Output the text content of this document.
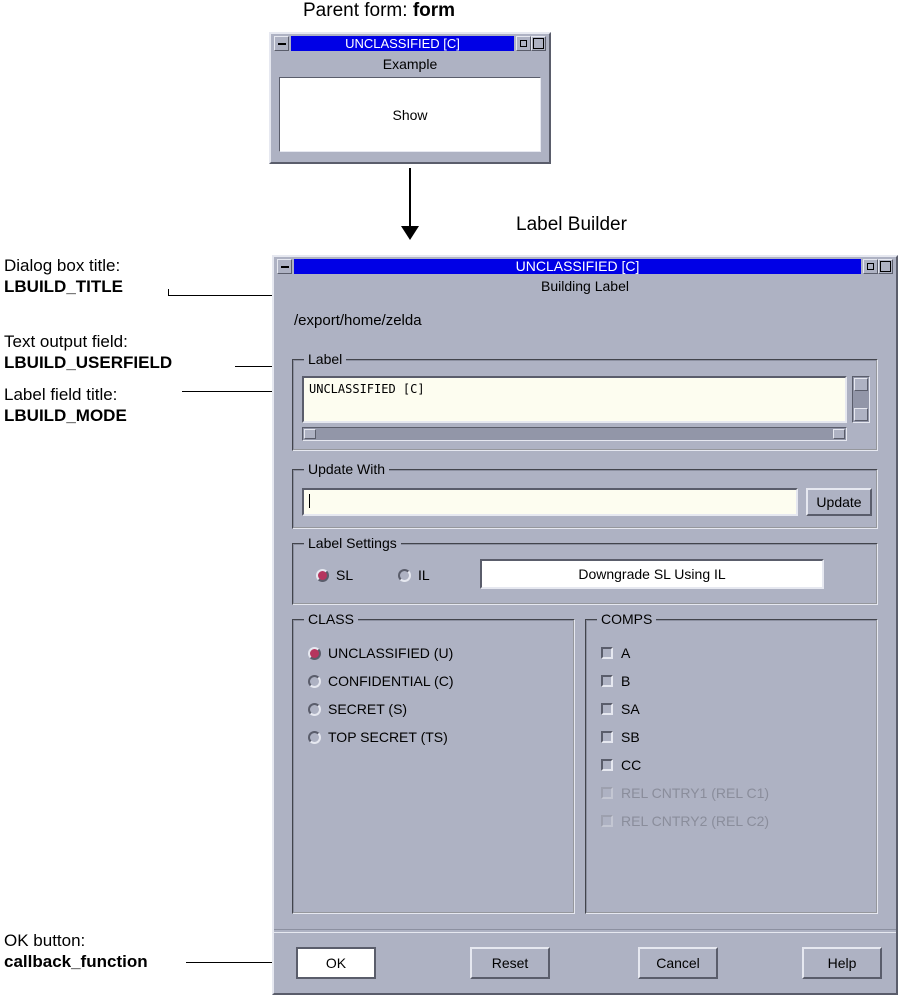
Parent form: form
Label Builder
UNCLASSIFIED [C]
Example
Show
Dialog box title:
LBUILD_TITLE
Text output field:
LBUILD_USERFIELD
Label field title:
LBUILD_MODE
OK button:
callback_function
UNCLASSIFIED [C]
Building Label
/export/home/zelda
Label
UNCLASSIFIED [C]
Update With
Update
Label Settings
SL	IL	Downgrade SL Using IL
CLASS
UNCLASSIFIED (U)
CONFIDENTIAL (C)
SECRET (S)
TOP SECRET (TS)
COMPS
A
B
SA
SB
CC
REL CNTRY1 (REL C1)
REL CNTRY2 (REL C2)
OK	Reset	Cancel	Help
